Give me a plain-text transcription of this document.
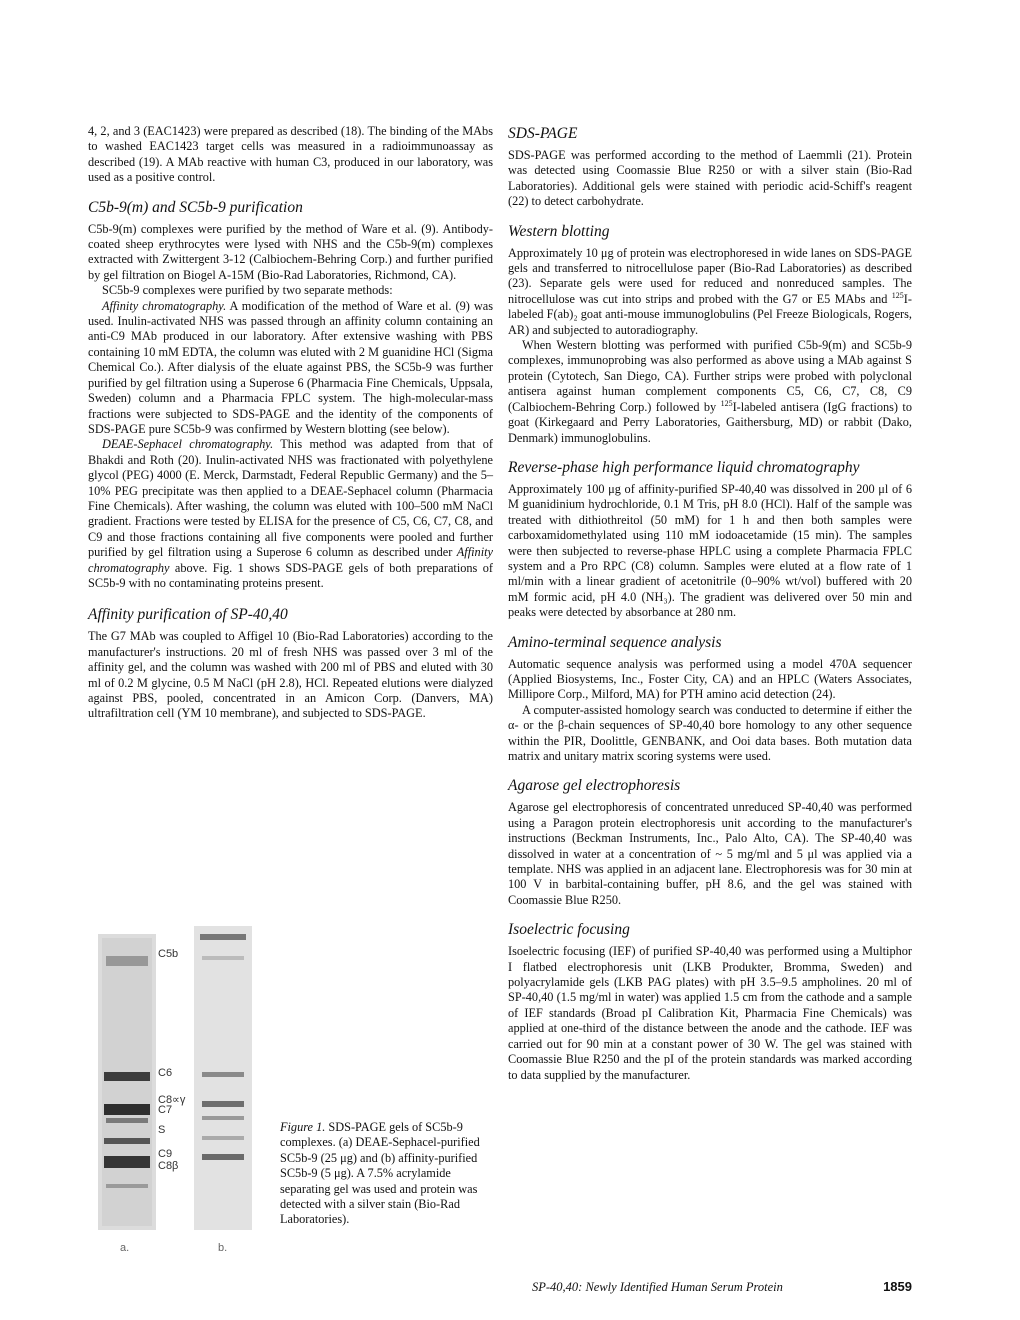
4, 2, and 3 (EAC1423) were prepared as described (18). The binding of the MAbs to washed EAC1423 target cells was measured in a radioimmunoassay as described (19). A MAb reactive with human C3, produced in our laboratory, was used as a positive control.

C5b-9(m) and SC5b-9 purification

C5b-9(m) complexes were purified by the method of Ware et al. (9). Antibody-coated sheep erythrocytes were lysed with NHS and the C5b-9(m) complexes extracted with Zwittergent 3-12 (Calbiochem-Behring Corp.) and further purified by gel filtration on Biogel A-15M (Bio-Rad Laboratories, Richmond, CA).

SC5b-9 complexes were purified by two separate methods:

Affinity chromatography. A modification of the method of Ware et al. (9) was used. Inulin-activated NHS was passed through an affinity column containing an anti-C9 MAb produced in our laboratory. After extensive washing with PBS containing 10 mM EDTA, the column was eluted with 2 M guanidine HCl (Sigma Chemical Co.). After dialysis of the eluate against PBS, the SC5b-9 was further purified by gel filtration using a Superose 6 (Pharmacia Fine Chemicals, Uppsala, Sweden) column and a Pharmacia FPLC system. The high-molecular-mass fractions were subjected to SDS-PAGE and the identity of the components of SDS-PAGE pure SC5b-9 was confirmed by Western blotting (see below).

DEAE-Sephacel chromatography. This method was adapted from that of Bhakdi and Roth (20). Inulin-activated NHS was fractionated with polyethylene glycol (PEG) 4000 (E. Merck, Darmstadt, Federal Republic Germany) and the 5–10% PEG precipitate was then applied to a DEAE-Sephacel column (Pharmacia Fine Chemicals). After washing, the column was eluted with 100–500 mM NaCl gradient. Fractions were tested by ELISA for the presence of C5, C6, C7, C8, and C9 and those fractions containing all five components were pooled and further purified by gel filtration using a Superose 6 column as described under Affinity chromatography above. Fig. 1 shows SDS-PAGE gels of both preparations of SC5b-9 with no contaminating proteins present.

Affinity purification of SP-40,40

The G7 MAb was coupled to Affigel 10 (Bio-Rad Laboratories) according to the manufacturer's instructions. 20 ml of fresh NHS was passed over 3 ml of the affinity gel, and the column was washed with 200 ml of PBS and eluted with 30 ml of 0.2 M glycine, 0.5 M NaCl (pH 2.8), HCl. Repeated elutions were dialyzed against PBS, pooled, concentrated in an Amicon Corp. (Danvers, MA) ultrafiltration cell (YM 10 membrane), and subjected to SDS-PAGE.

C5b
C6
C8∝γ
C7
S
C9
C8β
a.	b.

Figure 1. SDS-PAGE gels of SC5b-9 complexes. (a) DEAE-Sephacel-purified SC5b-9 (25 μg) and (b) affinity-purified SC5b-9 (5 μg). A 7.5% acrylamide separating gel was used and protein was detected with a silver stain (Bio-Rad Laboratories).

SDS-PAGE

SDS-PAGE was performed according to the method of Laemmli (21). Protein was detected using Coomassie Blue R250 or with a silver stain (Bio-Rad Laboratories). Additional gels were stained with periodic acid-Schiff's reagent (22) to detect carbohydrate.

Western blotting

Approximately 10 μg of protein was electrophoresed in wide lanes on SDS-PAGE gels and transferred to nitrocellulose paper (Bio-Rad Laboratories) as described (23). Separate gels were used for reduced and nonreduced samples. The nitrocellulose was cut into strips and probed with the G7 or E5 MAbs and $^{125}$I-labeled F(ab)₂ goat anti-mouse immunoglobulins (Pel Freeze Biologicals, Rogers, AR) and subjected to autoradiography.

When Western blotting was performed with purified C5b-9(m) and SC5b-9 complexes, immunoprobing was also performed as above using a MAb against S protein (Cytotech, San Diego, CA). Further strips were probed with polyclonal antisera against human complement components C5, C6, C7, C8, C9 (Calbiochem-Behring Corp.) followed by $^{125}$I-labeled antisera (IgG fractions) to goat (Kirkegaard and Perry Laboratories, Gaithersburg, MD) or rabbit (Dako, Denmark) immunoglobulins.

Reverse-phase high performance liquid chromatography

Approximately 100 μg of affinity-purified SP-40,40 was dissolved in 200 μl of 6 M guanidinium hydrochloride, 0.1 M Tris, pH 8.0 (HCl). Half of the sample was treated with dithiothreitol (50 mM) for 1 h and then both samples were carboxamidomethylated using 110 mM iodoacetamide (15 min). The samples were then subjected to reverse-phase HPLC using a complete Pharmacia FPLC system and a Pro RPC (C8) column. Samples were eluted at a flow rate of 1 ml/min with a linear gradient of acetonitrile (0–90% wt/vol) buffered with 20 mM formic acid, pH 4.0 (NH₃). The gradient was delivered over 50 min and peaks were detected by absorbance at 280 nm.

Amino-terminal sequence analysis

Automatic sequence analysis was performed using a model 470A sequencer (Applied Biosystems, Inc., Foster City, CA) and an HPLC (Waters Associates, Millipore Corp., Milford, MA) for PTH amino acid detection (24).

A computer-assisted homology search was conducted to determine if either the α- or the β-chain sequences of SP-40,40 bore homology to any other sequence within the PIR, Doolittle, GENBANK, and Ooi data bases. Both mutation data matrix and unitary matrix scoring systems were used.

Agarose gel electrophoresis

Agarose gel electrophoresis of concentrated unreduced SP-40,40 was performed using a Paragon protein electrophoresis unit according to the manufacturer's instructions (Beckman Instruments, Inc., Palo Alto, CA). The SP-40,40 was dissolved in water at a concentration of ~ 5 mg/ml and 5 μl was applied via a template. NHS was applied in an adjacent lane. Electrophoresis was for 30 min at 100 V in barbital-containing buffer, pH 8.6, and the gel was stained with Coomassie Blue R250.

Isoelectric focusing

Isoelectric focusing (IEF) of purified SP-40,40 was performed using a Multiphor I flatbed electrophoresis unit (LKB Produkter, Bromma, Sweden) and polyacrylamide gels (LKB PAG plates) with pH 3.5–9.5 ampholines. 20 ml of SP-40,40 (1.5 mg/ml in water) was applied 1.5 cm from the cathode and a sample of IEF standards (Broad pI Calibration Kit, Pharmacia Fine Chemicals) was applied at one-third of the distance between the anode and the cathode. IEF was carried out for 90 min at a constant power of 30 W. The gel was stained with Coomassie Blue R250 and the pI of the protein standards was marked according to data supplied by the manufacturer.

SP-40,40: Newly Identified Human Serum Protein	1859
